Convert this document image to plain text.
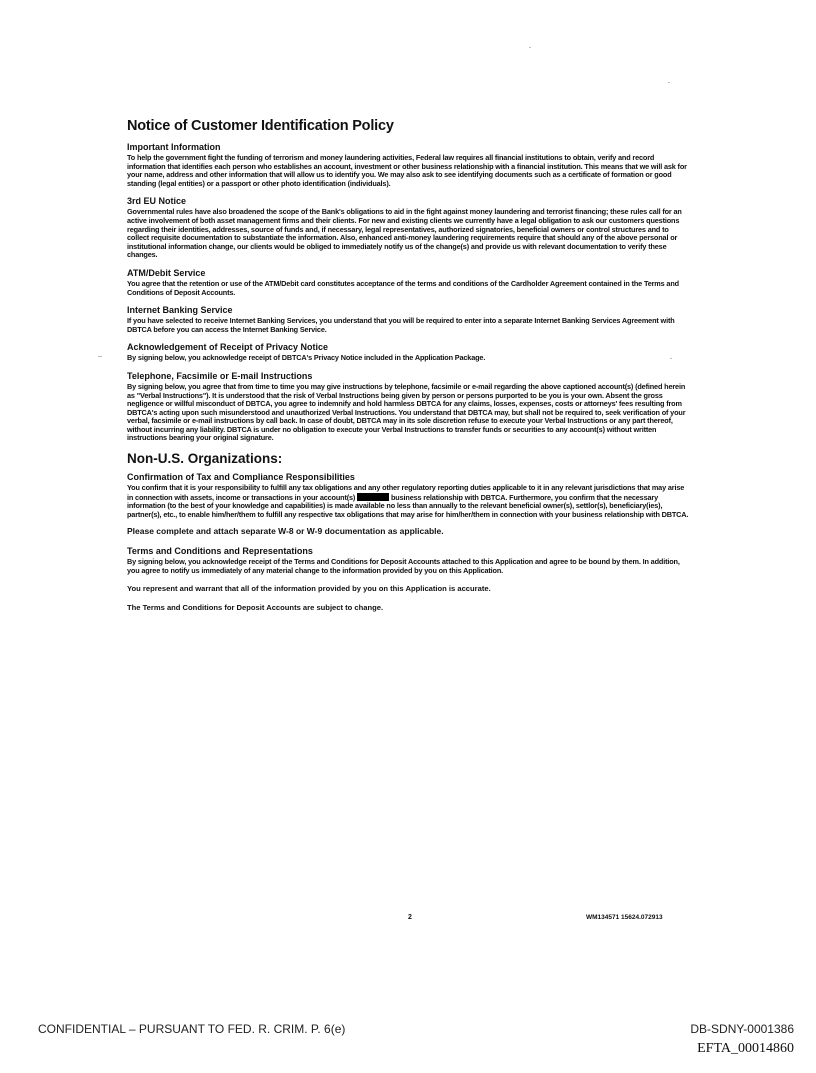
Notice of Customer Identification Policy
Important Information

To help the government fight the funding of terrorism and money laundering activities, Federal law requires all financial institutions to obtain, verify and record information that identifies each person who establishes an account, investment or other business relationship with a financial institution. This means that we will ask for your name, address and other information that will allow us to identify you. We may also ask to see identifying documents such as a certificate of formation or good standing (legal entities) or a passport or other photo identification (individuals).

3rd EU Notice

Governmental rules have also broadened the scope of the Bank's obligations to aid in the fight against money laundering and terrorist financing; these rules call for an active involvement of both asset management firms and their clients. For new and existing clients we currently have a legal obligation to ask our customers questions regarding their identities, addresses, source of funds and, if necessary, legal representatives, authorized signatories, beneficial owners or control structures and to collect requisite documentation to substantiate the information. Also, enhanced anti-money laundering requirements require that should any of the above personal or institutional information change, our clients would be obliged to immediately notify us of the change(s) and provide us with relevant documentation to verify these changes.

ATM/Debit Service

You agree that the retention or use of the ATM/Debit card constitutes acceptance of the terms and conditions of the Cardholder Agreement contained in the Terms and Conditions of Deposit Accounts.

Internet Banking Service

If you have selected to receive Internet Banking Services, you understand that you will be required to enter into a separate Internet Banking Services Agreement with DBTCA before you can access the Internet Banking Service.

Acknowledgement of Receipt of Privacy Notice

By signing below, you acknowledge receipt of DBTCA's Privacy Notice included in the Application Package.

Telephone, Facsimile or E-mail Instructions

By signing below, you agree that from time to time you may give instructions by telephone, facsimile or e-mail regarding the above captioned account(s) (defined herein as "Verbal Instructions"). It is understood that the risk of Verbal Instructions being given by person or persons purported to be you is your own. Absent the gross negligence or willful misconduct of DBTCA, you agree to indemnify and hold harmless DBTCA for any claims, losses, expenses, costs or attorneys' fees resulting from DBTCA's acting upon such misunderstood and unauthorized Verbal Instructions. You understand that DBTCA may, but shall not be required to, seek verification of your verbal, facsimile or e-mail instructions by call back. In case of doubt, DBTCA may in its sole discretion refuse to execute your Verbal Instructions or any part thereof, without incurring any liability. DBTCA is under no obligation to execute your Verbal Instructions to transfer funds or securities to any account(s) without written instructions bearing your original signature.

Non-U.S. Organizations:
Confirmation of Tax and Compliance Responsibilities

You confirm that it is your responsibility to fulfill any tax obligations and any other regulatory reporting duties applicable to it in any relevant jurisdictions that may arise in connection with assets, income or transactions in your account(s)	business relationship with DBTCA. Furthermore, you confirm that the necessary information (to the best of your knowledge and capabilities) is made available no less than annually to the relevant beneficial owner(s), settlor(s), beneficiary(ies), partner(s), etc., to enable him/her/them to fulfill any respective tax obligations that may arise for him/her/them in connection with your business relationship with DBTCA.

Please complete and attach separate W-8 or W-9 documentation as applicable.

Terms and Conditions and Representations

By signing below, you acknowledge receipt of the Terms and Conditions for Deposit Accounts attached to this Application and agree to be bound by them. In addition, you agree to notify us immediately of any material change to the information provided by you on this Application.

You represent and warrant that all of the information provided by you on this Application is accurate.

The Terms and Conditions for Deposit Accounts are subject to change.

2	WM134571 15624.072913
CONFIDENTIAL – PURSUANT TO FED. R. CRIM. P. 6(e)	DB-SDNY-0001386
EFTA_00014860
